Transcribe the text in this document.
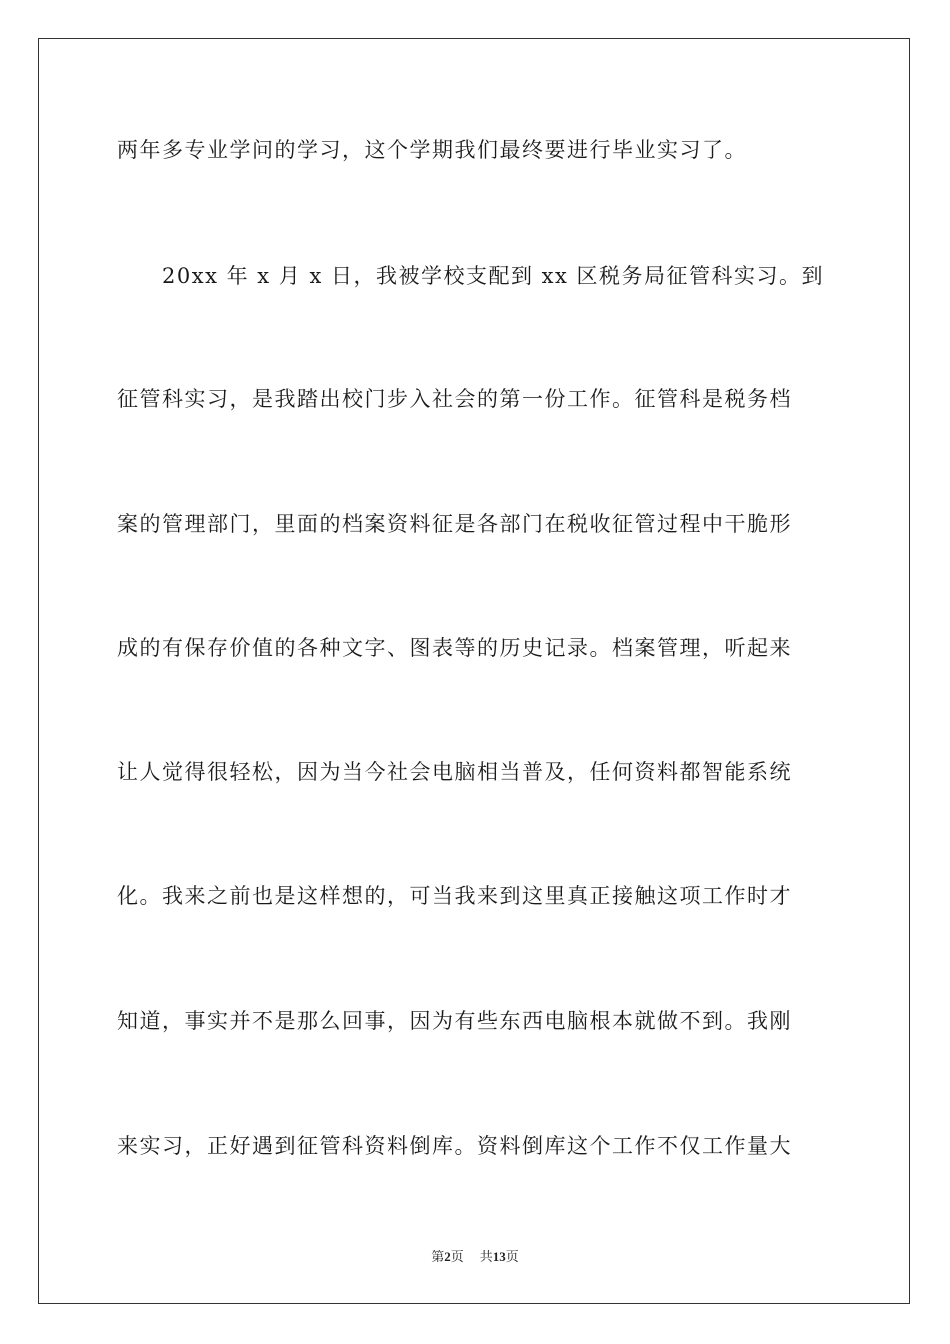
两年多专业学问的学习，这个学期我们最终要进行毕业实习了。
20xx 年 x 月 x 日，我被学校支配到 xx 区税务局征管科实习。到
征管科实习，是我踏出校门步入社会的第一份工作。征管科是税务档
案的管理部门，里面的档案资料征是各部门在税收征管过程中干脆形
成的有保存价值的各种文字、图表等的历史记录。档案管理，听起来
让人觉得很轻松，因为当今社会电脑相当普及，任何资料都智能系统
化。我来之前也是这样想的，可当我来到这里真正接触这项工作时才
知道，事实并不是那么回事，因为有些东西电脑根本就做不到。我刚
来实习，正好遇到征管科资料倒库。资料倒库这个工作不仅工作量大
第2页 共13页
